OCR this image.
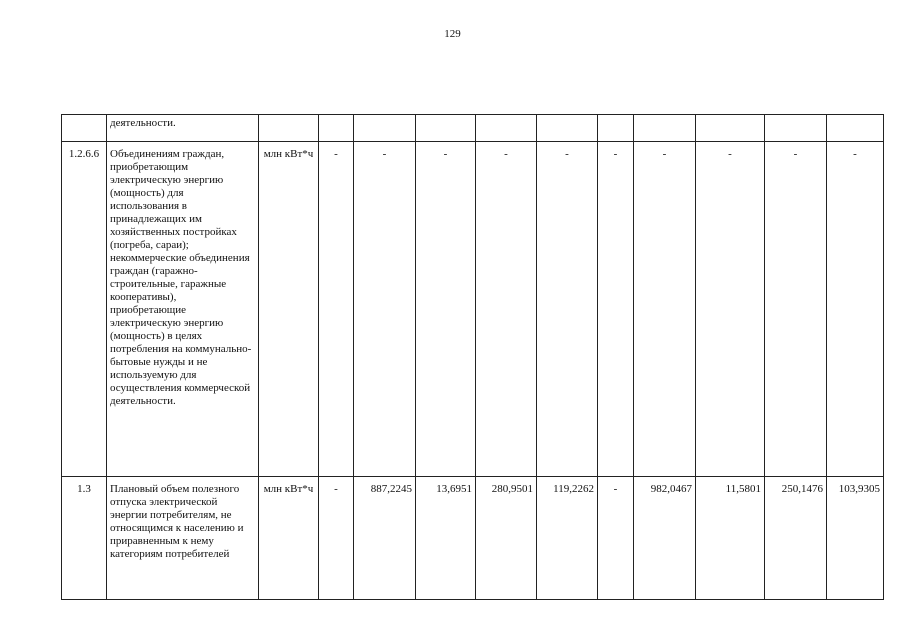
129
	деятельности.											
1.2.6.6	Объединениям граждан, приобретающим электрическую энергию (мощность) для использования в принадлежащих им хозяйственных постройках (погреба, сараи); некоммерческие объединения граждан (гаражно-строительные, гаражные кооперативы), приобретающие электрическую энергию (мощность) в целях потребления на коммунально-бытовые нужды и не используемую для осуществления коммерческой деятельности.	млн кВт*ч	-	-	-	-	-	-	-	-	-	-
1.3	Плановый объем полезного отпуска электрической энергии потребителям, не относящимся к населению и приравненным к нему категориям потребителей	млн кВт*ч	-	887,2245	13,6951	280,9501	119,2262	-	982,0467	11,5801	250,1476	103,9305
